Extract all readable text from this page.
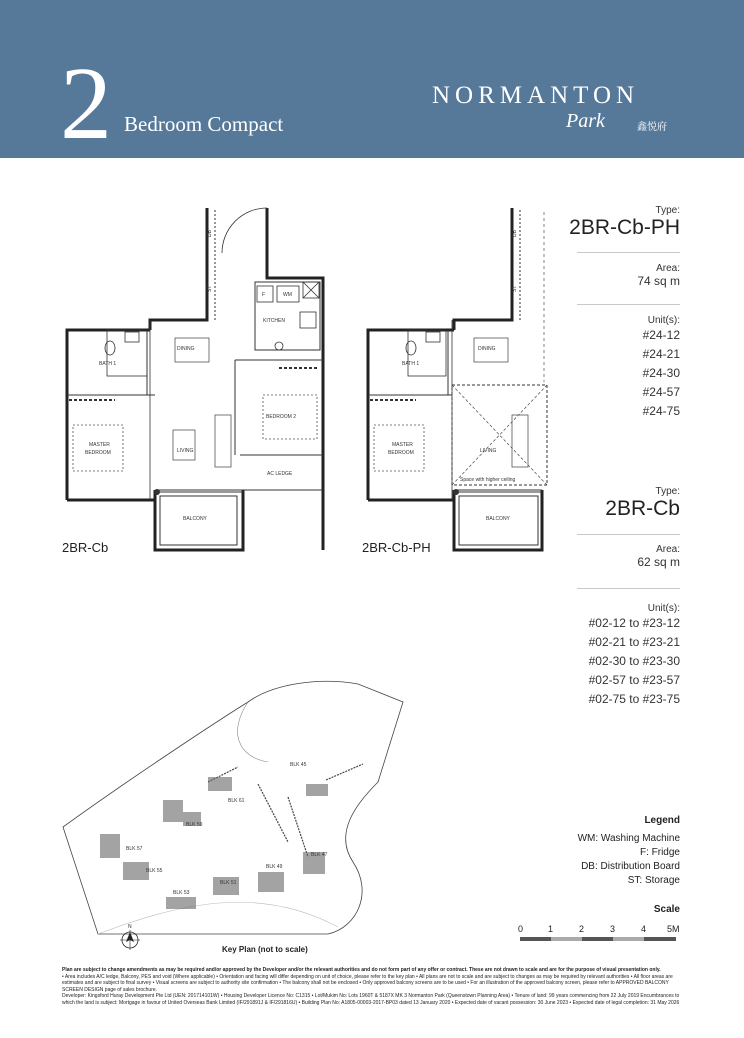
2 Bedroom Compact
NORMANTON
Park	鑫悦府
Type:
2BR-Cb-PH
Area:
74 sq m
Unit(s):
#24-12
#24-21
#24-30
#24-57
#24-75
Type:
2BR-Cb
Area:
62 sq m
Unit(s):
#02-12 to #23-12
#02-21 to #23-21
#02-30 to #23-30
#02-57 to #23-57
#02-75 to #23-75
DB
ST
F	WM
KITCHEN
DINING
BATH 1
MASTER
BEDROOM	LIVING
BEDROOM 2
AC LEDGE
BALCONY
2BR-Cb
DB
ST
DINING
BATH 1
MASTER
BEDROOM	LIVING
Space with higher ceiling
BALCONY
2BR-Cb-PH
N
BLK 45
BLK 61
BLK 59
BLK 57
BLK 55
BLK 53
BLK 51
BLK 49
BLK 47
Key Plan (not to scale)
Legend
WM: Washing Machine
F: Fridge
DB: Distribution Board
ST: Storage
Scale
0	1	2	3	4 5M
Plan are subject to change amendments as may be required and/or approved by the Developer and/or the relevant authorities and do not form part of any offer or contract. These are not drawn to scale and are for the purpose of visual presentation only.
• Area includes A/C ledge, Balcony, PES and void (Where applicable) • Orientation and facing will differ depending on unit of choice, please refer to the key plan • All plans are not to scale and are subject to changes as may be required by relevant authorities • All floor areas are estimates and are subject to final survey • Visual screens are subject to authority site confirmation • The balcony shall not be enclosed • Only approved balcony screens are to be used • For an illustration of the approved balcony screen, please refer to APPROVED BALCONY SCREEN DESIGN page of sales brochure.
Developer: Kingsford Huray Development Pte Ltd (UEN: 201714101W) • Housing Developer Licence No: C1315 • Lot/Mukim No: Lots 1960T & 5187X MK 3 Normanton Park (Queenstown Planning Area) • Tenure of land: 99 years commencing from 22 July 2019 Encumbrances to which the land is subject: Mortgage in favour of United Overseas Bank Limited (IF/291891J & IF/291816U) • Building Plan No: A1805-00003-2017-BP03 dated 13 January 2020 • Expected date of vacant possession: 30 June 2023 • Expected date of legal completion: 31 May 2026
